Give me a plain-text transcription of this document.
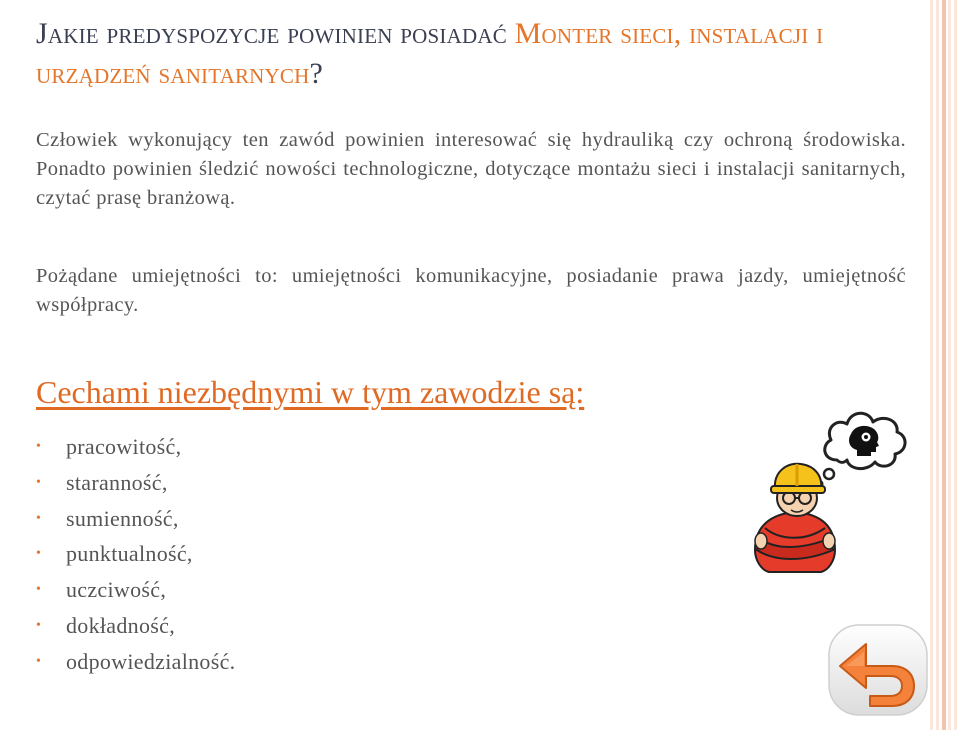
Jakie predyspozycje powinien posiadać Monter sieci, instalacji i urządzeń sanitarnych?

Człowiek wykonujący ten zawód powinien interesować się hydrauliką czy ochroną środowiska. Ponadto powinien śledzić nowości technologiczne, dotyczące montażu sieci i instalacji sanitarnych, czytać prasę branżową.

Pożądane umiejętności to: umiejętności komunikacyjne, posiadanie prawa jazdy, umiejętność współpracy.

Cechami niezbędnymi w tym zawodzie są:
• pracowitość,
• staranność,
• sumienność,
• punktualność,
• uczciwość,
• dokładność,
• odpowiedzialność.
